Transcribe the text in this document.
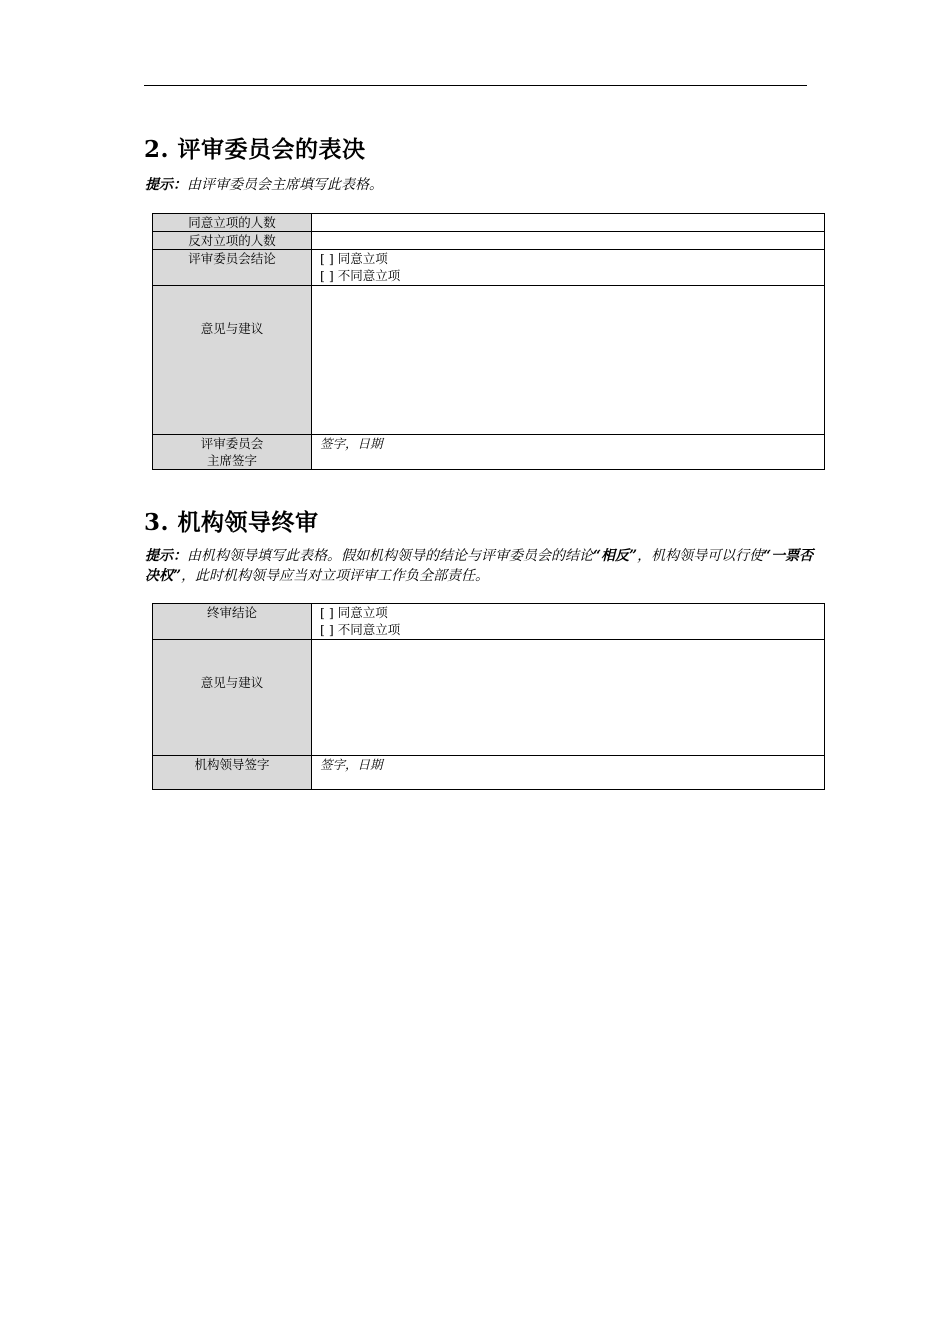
2. 评审委员会的表决

提示：由评审委员会主席填写此表格。

同意立项的人数	
反对立项的人数	
评审委员会结论	[ ] 同意立项
[ ] 不同意立项

意见与建议	

评审委员会
主席签字	签字，日期
3. 机构领导终审

提示：由机构领导填写此表格。假如机构领导的结论与评审委员会的结论“相反”，机构领导可以行使“一票否决权”，此时机构领导应当对立项评审工作负全部责任。

终审结论	[ ] 同意立项
[ ] 不同意立项

意见与建议	
机构领导签字	签字，日期
